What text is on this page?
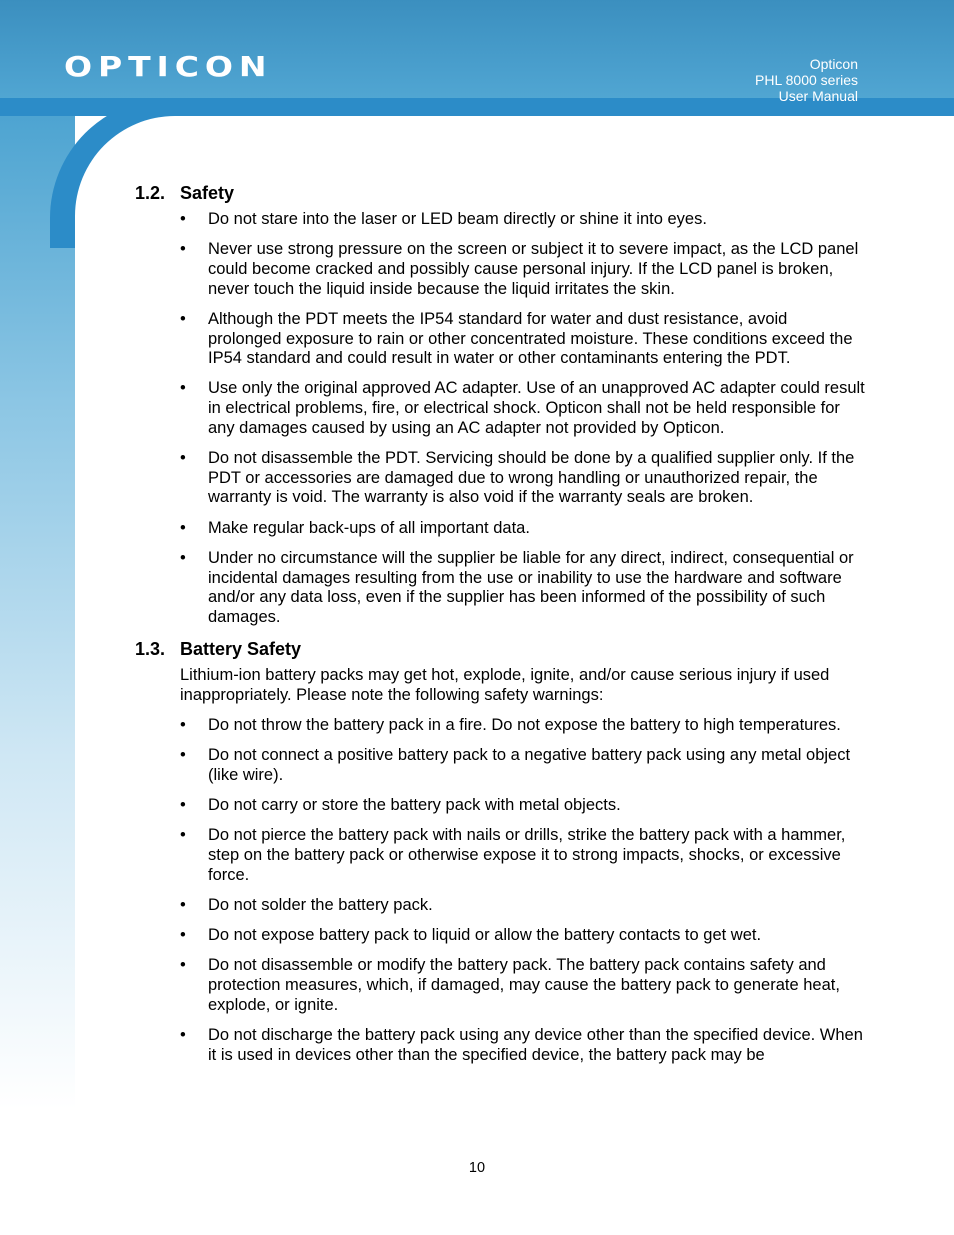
OPTICON	Opticon
PHL 8000 series
User Manual
1.2. Safety
• Do not stare into the laser or LED beam directly or shine it into eyes.
• Never use strong pressure on the screen or subject it to severe impact, as the LCD panel could become cracked and possibly cause personal injury. If the LCD panel is broken, never touch the liquid inside because the liquid irritates the skin.
• Although the PDT meets the IP54 standard for water and dust resistance, avoid prolonged exposure to rain or other concentrated moisture. These conditions exceed the IP54 standard and could result in water or other contaminants entering the PDT.
• Use only the original approved AC adapter. Use of an unapproved AC adapter could result in electrical problems, fire, or electrical shock. Opticon shall not be held responsible for any damages caused by using an AC adapter not provided by Opticon.
• Do not disassemble the PDT. Servicing should be done by a qualified supplier only. If the PDT or accessories are damaged due to wrong handling or unauthorized repair, the warranty is void. The warranty is also void if the warranty seals are broken.
• Make regular back-ups of all important data.
• Under no circumstance will the supplier be liable for any direct, indirect, consequential or incidental damages resulting from the use or inability to use the hardware and software and/or any data loss, even if the supplier has been informed of the possibility of such damages.
1.3. Battery Safety

Lithium-ion battery packs may get hot, explode, ignite, and/or cause serious injury if used inappropriately. Please note the following safety warnings:

• Do not throw the battery pack in a fire. Do not expose the battery to high temperatures.
• Do not connect a positive battery pack to a negative battery pack using any metal object (like wire).
• Do not carry or store the battery pack with metal objects.
• Do not pierce the battery pack with nails or drills, strike the battery pack with a hammer, step on the battery pack or otherwise expose it to strong impacts, shocks, or excessive force.
• Do not solder the battery pack.
• Do not expose battery pack to liquid or allow the battery contacts to get wet.
• Do not disassemble or modify the battery pack. The battery pack contains safety and protection measures, which, if damaged, may cause the battery pack to generate heat, explode, or ignite.
• Do not discharge the battery pack using any device other than the specified device. When it is used in devices other than the specified device, the battery pack may be
10
